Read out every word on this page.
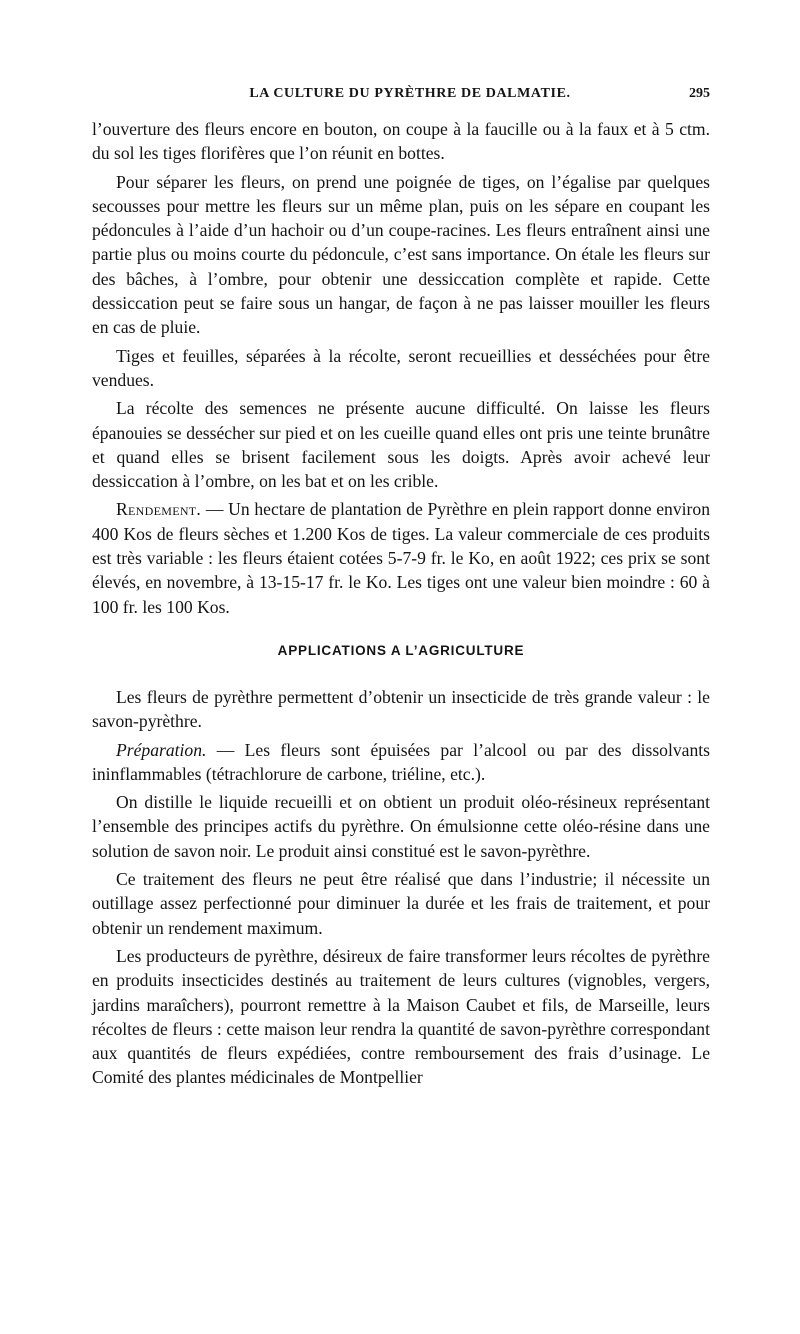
LA CULTURE DU PYRÈTHRE DE DALMATIE.	295

l’ouverture des fleurs encore en bouton, on coupe à la faucille ou à la faux et à 5 ctm. du sol les tiges florifères que l’on réunit en bottes.

Pour séparer les fleurs, on prend une poignée de tiges, on l’égalise par quelques secousses pour mettre les fleurs sur un même plan, puis on les sépare en coupant les pédoncules à l’aide d’un hachoir ou d’un coupe-racines. Les fleurs entraînent ainsi une partie plus ou moins courte du pédoncule, c’est sans importance. On étale les fleurs sur des bâches, à l’ombre, pour obtenir une dessiccation complète et rapide. Cette dessiccation peut se faire sous un hangar, de façon à ne pas laisser mouiller les fleurs en cas de pluie.

Tiges et feuilles, séparées à la récolte, seront recueillies et desséchées pour être vendues.

La récolte des semences ne présente aucune difficulté. On laisse les fleurs épanouies se dessécher sur pied et on les cueille quand elles ont pris une teinte brunâtre et quand elles se brisent facilement sous les doigts. Après avoir achevé leur dessiccation à l’ombre, on les bat et on les crible.

Rendement. — Un hectare de plantation de Pyrèthre en plein rapport donne environ 400 Kos de fleurs sèches et 1.200 Kos de tiges. La valeur commerciale de ces produits est très variable : les fleurs étaient cotées 5-7-9 fr. le Ko, en août 1922; ces prix se sont élevés, en novembre, à 13-15-17 fr. le Ko. Les tiges ont une valeur bien moindre : 60 à 100 fr. les 100 Kos.

APPLICATIONS A L’AGRICULTURE

Les fleurs de pyrèthre permettent d’obtenir un insecticide de très grande valeur : le savon-pyrèthre.

Préparation. — Les fleurs sont épuisées par l’alcool ou par des dissolvants ininflammables (tétrachlorure de carbone, triéline, etc.).

On distille le liquide recueilli et on obtient un produit oléo-résineux représentant l’ensemble des principes actifs du pyrèthre. On émulsionne cette oléo-résine dans une solution de savon noir. Le produit ainsi constitué est le savon-pyrèthre.

Ce traitement des fleurs ne peut être réalisé que dans l’industrie; il nécessite un outillage assez perfectionné pour diminuer la durée et les frais de traitement, et pour obtenir un rendement maximum.

Les producteurs de pyrèthre, désireux de faire transformer leurs récoltes de pyrèthre en produits insecticides destinés au traitement de leurs cultures (vignobles, vergers, jardins maraîchers), pourront remettre à la Maison Caubet et fils, de Marseille, leurs récoltes de fleurs : cette maison leur rendra la quantité de savon-pyrèthre correspondant aux quantités de fleurs expédiées, contre remboursement des frais d’usinage. Le Comité des plantes médicinales de Montpellier
